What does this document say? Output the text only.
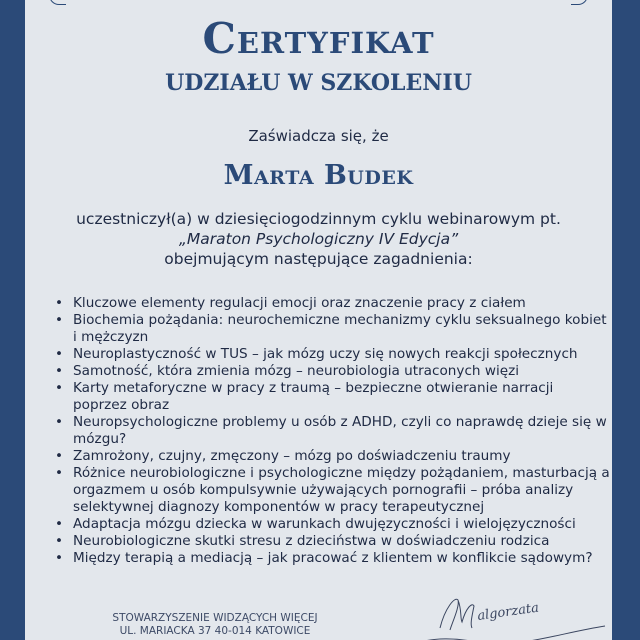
Certyfikat
UDZIAŁU W SZKOLENIU
Zaświadcza się, że
Marta Budek
uczestniczył(a) w dziesięciogodzinnym cyklu webinarowym pt.
„Maraton Psychologiczny IV Edycja”
obejmującym następujące zagadnienia:
• Kluczowe elementy regulacji emocji oraz znaczenie pracy z ciałem
• Biochemia pożądania: neurochemiczne mechanizmy cyklu seksualnego kobiet i mężczyzn
• Neuroplastyczność w TUS – jak mózg uczy się nowych reakcji społecznych
• Samotność, która zmienia mózg – neurobiologia utraconych więzi
• Karty metaforyczne w pracy z traumą – bezpieczne otwieranie narracji poprzez obraz
• Neuropsychologiczne problemy u osób z ADHD, czyli co naprawdę dzieje się w mózgu?
• Zamrożony, czujny, zmęczony – mózg po doświadczeniu traumy
• Różnice neurobiologiczne i psychologiczne między pożądaniem, masturbacją a orgazmem u osób kompulsywnie używających pornografii – próba analizy selektywnej diagnozy komponentów w pracy terapeutycznej
• Adaptacja mózgu dziecka w warunkach dwujęzyczności i wielojęzyczności
• Neurobiologiczne skutki stresu z dzieciństwa w doświadczeniu rodzica
• Między terapią a mediacją – jak pracować z klientem w konflikcie sądowym?
STOWARZYSZENIE WIDZĄCYCH WIĘCEJ
UL. MARIACKA 37 40-014 KATOWICE
algorzata
